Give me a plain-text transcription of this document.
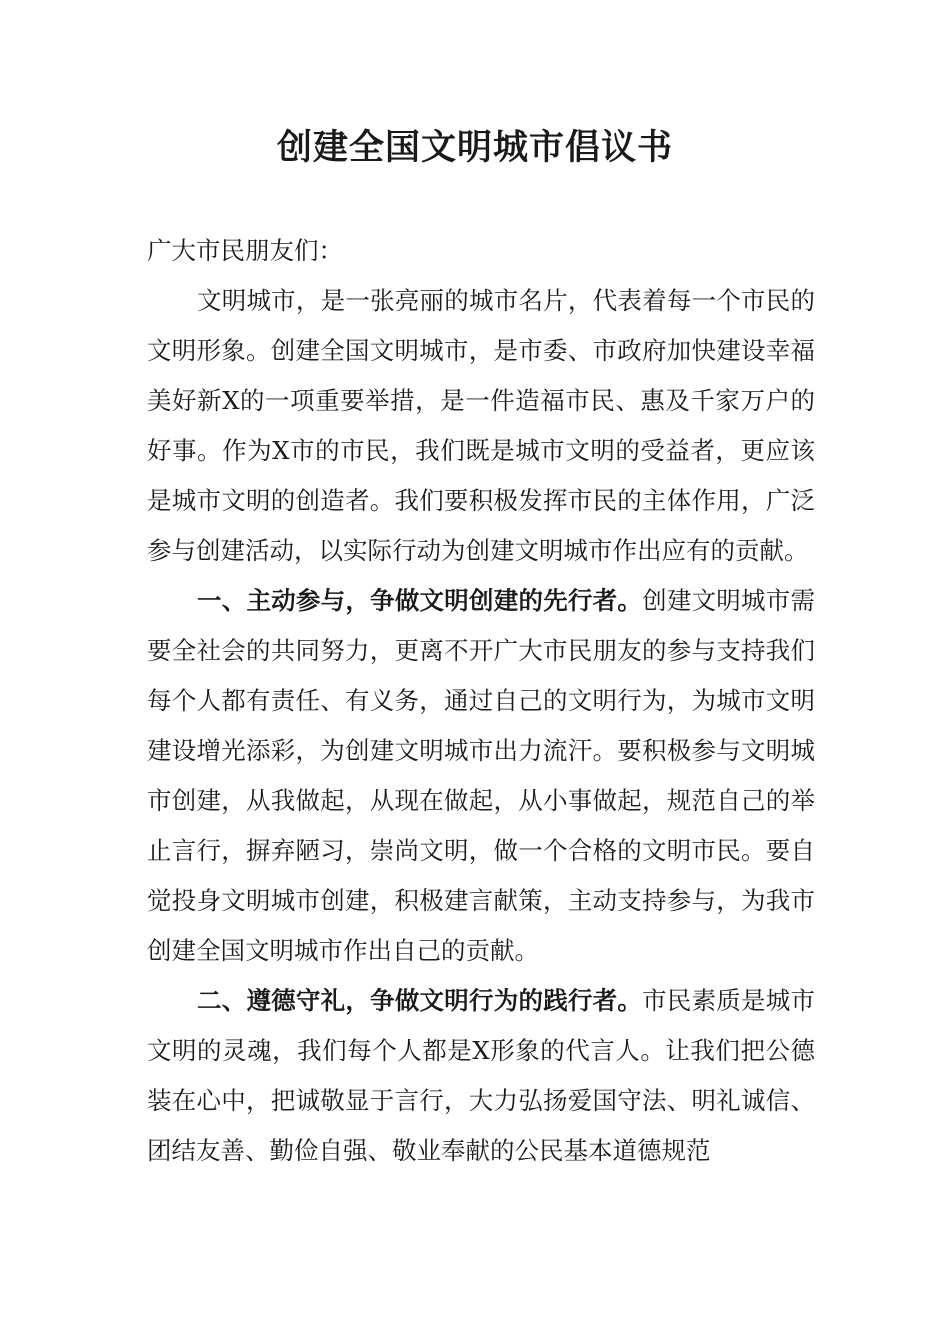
创建全国文明城市倡议书

广大市民朋友们：

文明城市，是一张亮丽的城市名片，代表着每一个市民的文明形象。创建全国文明城市，是市委、市政府加快建设幸福美好新X的一项重要举措，是一件造福市民、惠及千家万户的好事。作为X市的市民，我们既是城市文明的受益者，更应该是城市文明的创造者。我们要积极发挥市民的主体作用，广泛参与创建活动，以实际行动为创建文明城市作出应有的贡献。

一、主动参与，争做文明创建的先行者。创建文明城市需要全社会的共同努力，更离不开广大市民朋友的参与支持我们每个人都有责任、有义务，通过自己的文明行为，为城市文明建设增光添彩，为创建文明城市出力流汗。要积极参与文明城市创建，从我做起，从现在做起，从小事做起，规范自己的举止言行，摒弃陋习，崇尚文明，做一个合格的文明市民。要自觉投身文明城市创建，积极建言献策，主动支持参与，为我市创建全国文明城市作出自己的贡献。

二、遵德守礼，争做文明行为的践行者。市民素质是城市文明的灵魂，我们每个人都是X形象的代言人。让我们把公德装在心中，把诚敬显于言行，大力弘扬爱国守法、明礼诚信、团结友善、勤俭自强、敬业奉献的公民基本道德规范
